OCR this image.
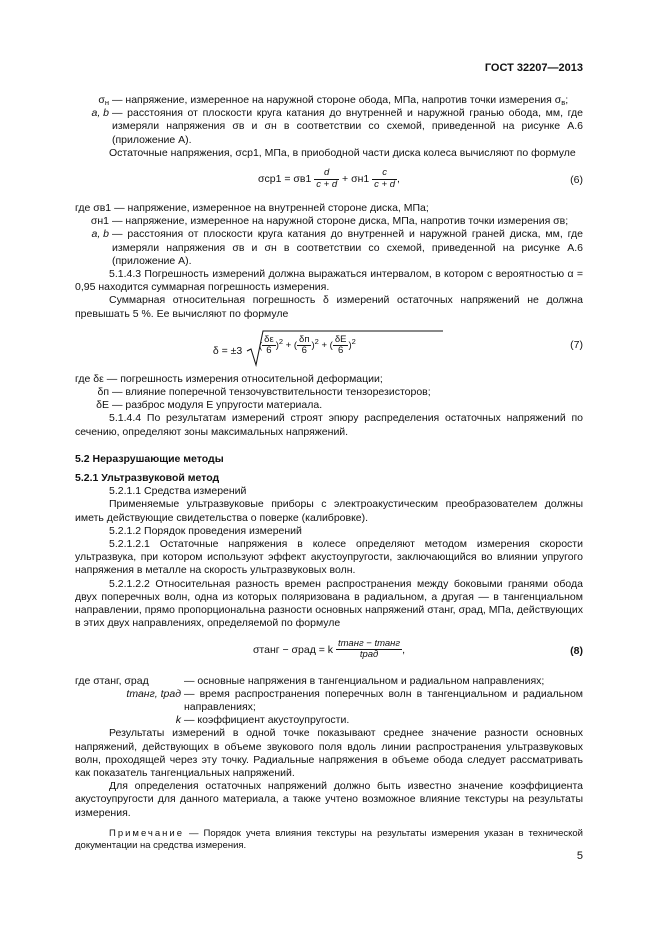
ГОСТ 32207—2013
$\sigma_н$ — напряжение, измеренное на наружной стороне обода, МПа, напротив точки измерения $\sigma_в$;
a, b — расстояния от плоскости круга катания до внутренней и наружной гранью обода, мм, где измеряли напряжения σв и σн в соответствии со схемой, приведенной на рисунке А.6 (приложение А).

Остаточные напряжения, σср1, МПа, в приободной части диска колеса вычисляют по формуле

$\sigma ср1 = \sigma в1 \frac{d}{c + d} + \sigma н1 \frac{c}{c + d}$ ,	(6)
где σв1 — напряжение, измеренное на внутренней стороне диска, МПа;
σн1 — напряжение, измеренное на наружной стороне диска, МПа, напротив точки измерения σв;
a, b — расстояния от плоскости круга катания до внутренней и наружной граней диска, мм, где измеряли напряжения σв и σн в соответствии со схемой, приведенной на рисунке А.6 (приложение А).

5.1.4.3 Погрешность измерений должна выражаться интервалом, в котором с вероятностью α = 0,95 находится суммарная погрешность измерения.

Суммарная относительная погрешность δ измерений остаточных напряжений не должна превышать 5 %. Ее вычисляют по формуле

δ = ±3	( $\frac{\delta\varepsilon}{6} )^2$ + ( $\frac{\delta п}{6} )^2$ + ( $\frac{\delta E}{6} )^2$	(7)
где δε — погрешность измерения относительной деформации;
δп — влияние поперечной тензочувствительности тензорезисторов;
δE — разброс модуля E упругости материала.

5.1.4.4 По результатам измерений строят эпюру распределения остаточных напряжений по сечению, определяют зоны максимальных напряжений.

5.2 Неразрушающие методы

5.2.1 Ультразвуковой метод

5.2.1.1 Средства измерений

Применяемые ультразвуковые приборы с электроакустическим преобразователем должны иметь действующие свидетельства о поверке (калибровке).

5.2.1.2 Порядок проведения измерений

5.2.1.2.1 Остаточные напряжения в колесе определяют методом измерения скорости ультразвука, при котором используют эффект акустоупругости, заключающийся во влиянии упругого напряжения в металле на скорость ультразвуковых волн.

5.2.1.2.2 Относительная разность времен распространения между боковыми гранями обода двух поперечных волн, одна из которых поляризована в радиальном, а другая — в тангенциальном направлении, прямо пропорциональна разности основных напряжений σтанг, σрад, МПа, действующих в этих двух направлениях, определяемой по формуле

σтанг − σрад = k $\frac{\text{tтанг − tтанг}}{\text{tрад}}$ ,	(8)
где σтанг, σрад	— основные напряжения в тангенциальном и радиальном направлениях;
tтанг, tрад — время распространения поперечных волн в тангенциальном и радиальном направлениях;
k — коэффициент акустоупругости.

Результаты измерений в одной точке показывают среднее значение разности основных напряжений, действующих в объеме звукового поля вдоль линии распространения ультразвуковых волн, проходящей через эту точку. Радиальные напряжения в объеме обода следует рассматривать как показатель тангенциальных напряжений.

Для определения остаточных напряжений должно быть известно значение коэффициента акустоупругости для данного материала, а также учтено возможное влияние текстуры на результаты измерения.

Примечание — Порядок учета влияния текстуры на результаты измерения указан в технической документации на средства измерения.

5
